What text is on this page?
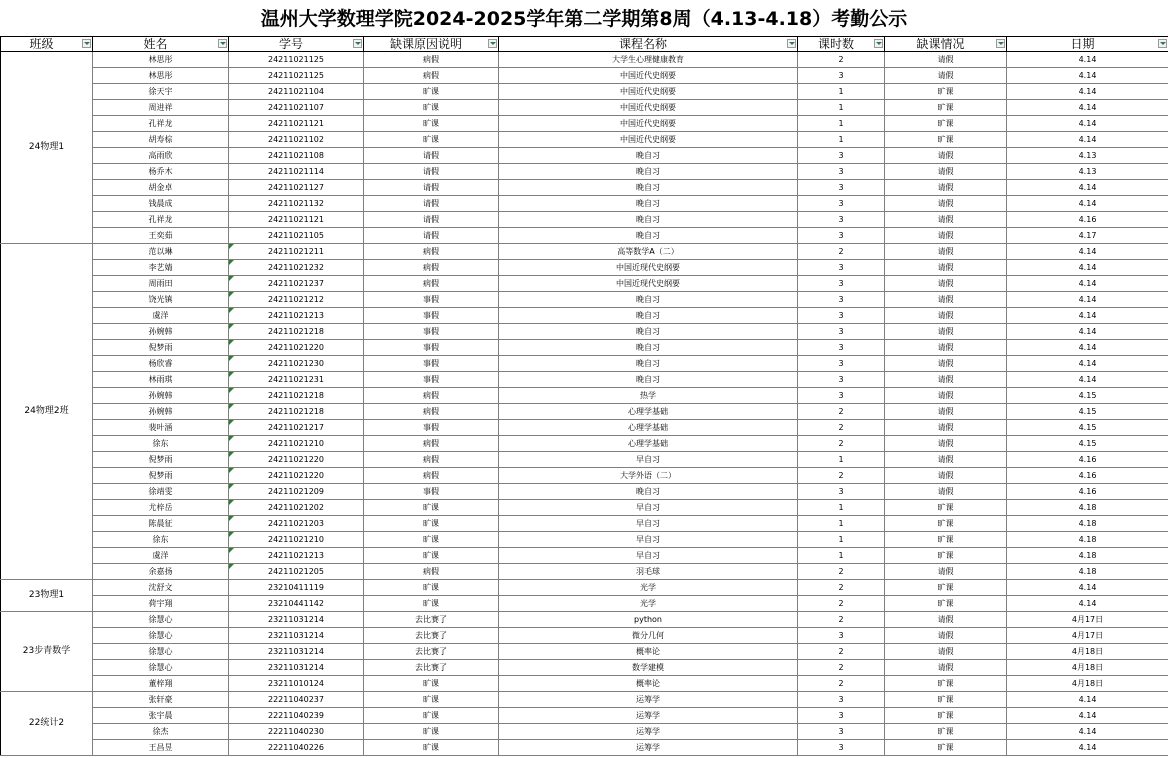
温州大学数理学院2024-2025学年第二学期第8周（4.13-4.18）考勤公示
班级	姓名	学号	缺课原因说明	课程名称	课时数	缺课情况	日期

24物理1	林思彤	24211021125	病假	大学生心理健康教育	2	请假	4.14
	林思彤	24211021125	病假	中国近代史纲要	3	请假	4.14
	徐天宇	24211021104	旷课	中国近代史纲要	1	旷课	4.14
	周进祥	24211021107	旷课	中国近代史纲要	1	旷课	4.14
	孔祥龙	24211021121	旷课	中国近代史纲要	1	旷课	4.14
	胡寿棕	24211021102	旷课	中国近代史纲要	1	旷课	4.14
	高雨欣	24211021108	请假	晚自习	3	请假	4.13
	杨乔木	24211021114	请假	晚自习	3	请假	4.13
	胡金卓	24211021127	请假	晚自习	3	请假	4.14
	钱晨成	24211021132	请假	晚自习	3	请假	4.14
	孔祥龙	24211021121	请假	晚自习	3	请假	4.16
	王奕茹	24211021105	请假	晚自习	3	请假	4.17
24物理2班	范以琳	24211021211	病假	高等数学A（二）	2	请假	4.14
	李艺婧	24211021232	病假	中国近现代史纲要	3	请假	4.14
	周雨田	24211021237	病假	中国近现代史纲要	3	请假	4.14
	饶光镇	24211021212	事假	晚自习	3	请假	4.14
	虞洋	24211021213	事假	晚自习	3	请假	4.14
	孙婉韩	24211021218	事假	晚自习	3	请假	4.14
	倪梦雨	24211021220	事假	晚自习	3	请假	4.14
	杨欣睿	24211021230	事假	晚自习	3	请假	4.14
	林雨琪	24211021231	事假	晚自习	3	请假	4.14
	孙婉韩	24211021218	病假	热学	3	请假	4.15
	孙婉韩	24211021218	病假	心理学基础	2	请假	4.15
	裴叶涵	24211021217	事假	心理学基础	2	请假	4.15
	徐东	24211021210	病假	心理学基础	2	请假	4.15
	倪梦雨	24211021220	病假	早自习	1	请假	4.16
	倪梦雨	24211021220	病假	大学外语（二）	2	请假	4.16
	徐靖雯	24211021209	事假	晚自习	3	请假	4.16
	尤梓岳	24211021202	旷课	早自习	1	旷课	4.18
	陈晨征	24211021203	旷课	早自习	1	旷课	4.18
	徐东	24211021210	旷课	早自习	1	旷课	4.18
	虞洋	24211021213	旷课	早自习	1	旷课	4.18
	余嘉扬	24211021205	病假	羽毛球	2	请假	4.18
23物理1	沈舒文	23210411119	旷课	光学	2	旷课	4.14
	荷宇翔	23210441142	旷课	光学	2	旷课	4.14
23步青数学	徐慧心	23211031214	去比赛了	python	2	请假	4月17日
	徐慧心	23211031214	去比赛了	微分几何	3	请假	4月17日
	徐慧心	23211031214	去比赛了	概率论	2	请假	4月18日
	徐慧心	23211031214	去比赛了	数学建模	2	请假	4月18日
	董梓翔	23211010124	旷课	概率论	2	旷课	4月18日
22统计2	张轩豪	22211040237	旷课	运筹学	3	旷课	4.14
	张宇晨	22211040239	旷课	运筹学	3	旷课	4.14
	徐杰	22211040230	旷课	运筹学	3	旷课	4.14
	王昌昱	22211040226	旷课	运筹学	3	旷课	4.14
